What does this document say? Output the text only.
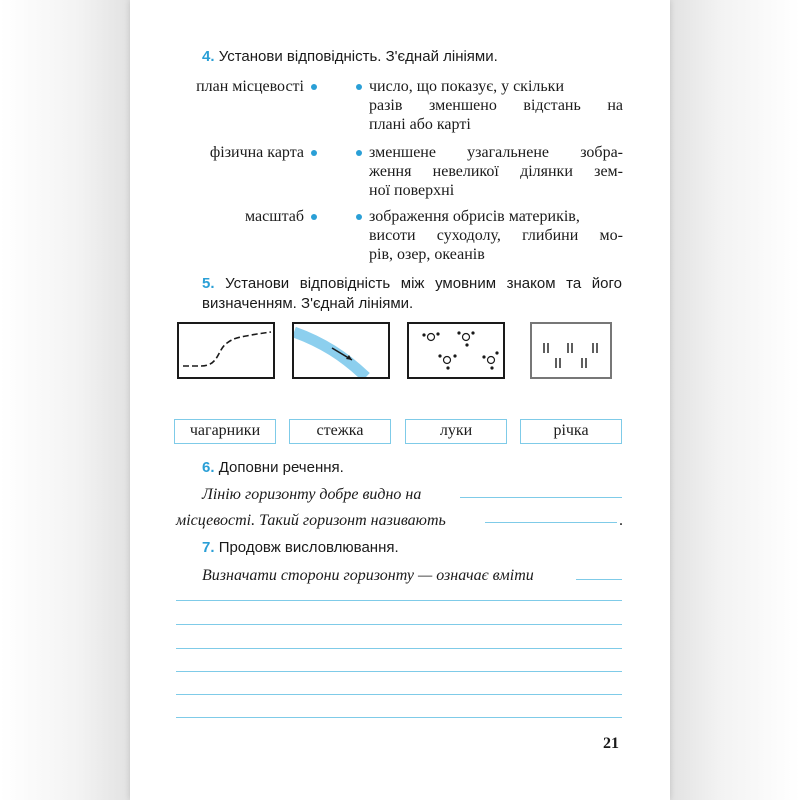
4. Установи відповідність. З'єднай лініями.
план місцевості	число, що показує, у скільки
разів зменшено відстань на
плані або карті
фізична карта	зменшене узагальнене зобра-
ження невеликої ділянки зем-
ної поверхні
масштаб	зображення обрисів материків,
висоти суходолу, глибини мо-
рів, озер, океанів
5. Установи відповідність між умовним знаком та його
визначенням. З'єднай лініями.
чагарники	стежка	луки	річка
6. Доповни речення.
Лінію горизонту добре видно на
місцевості. Такий горизонт називають	.
7. Продовж висловлювання.
Визначати сторони горизонту — означає вміти
21
